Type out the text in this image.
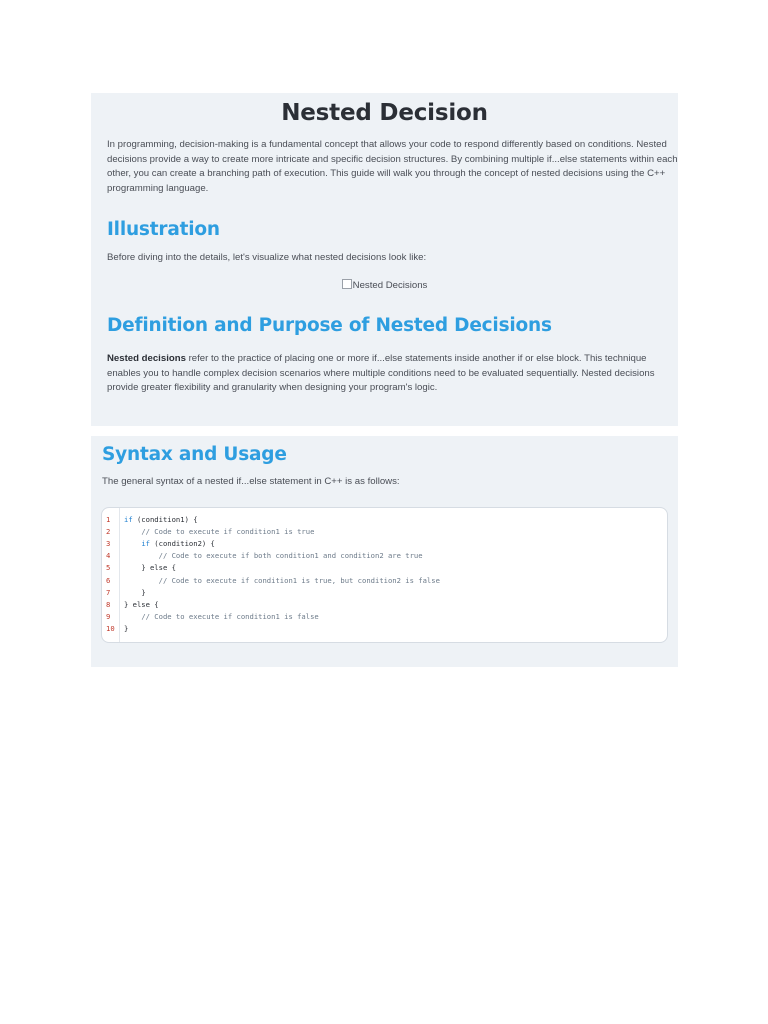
Nested Decision

In programming, decision-making is a fundamental concept that allows your code to respond differently based on conditions. Nested decisions provide a way to create more intricate and specific decision structures. By combining multiple if...else statements within each other, you can create a branching path of execution. This guide will walk you through the concept of nested decisions using the C++ programming language.

Illustration

Before diving into the details, let's visualize what nested decisions look like:

Nested Decisions
Definition and Purpose of Nested Decisions

Nested decisions refer to the practice of placing one or more if...else statements inside another if or else block. This technique enables you to handle complex decision scenarios where multiple conditions need to be evaluated sequentially. Nested decisions provide greater flexibility and granularity when designing your program's logic.

Syntax and Usage

The general syntax of a nested if...else statement in C++ is as follows:

1 if (condition1) {
2	// Code to execute if condition1 is true
3	if (condition2) {
4	// Code to execute if both condition1 and condition2 are true
5	} else {
6	// Code to execute if condition1 is true, but condition2 is false
7	}
8 } else {
9	// Code to execute if condition1 is false
10 }
